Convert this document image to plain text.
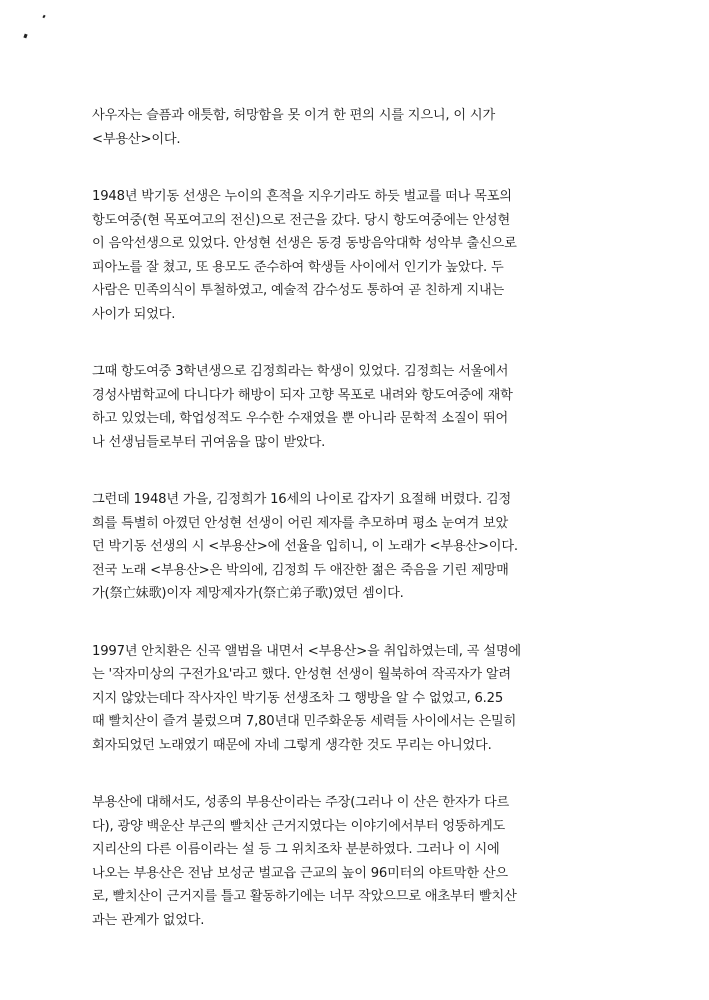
사우자는 슬픔과 애틋함, 허망함을 못 이겨 한 편의 시를 지으니, 이 시가
<부용산>이다.

1948년 박기동 선생은 누이의 흔적을 지우기라도 하듯 벌교를 떠나 목포의
항도여중(현 목포여고의 전신)으로 전근을 갔다. 당시 항도여중에는 안성현
이 음악선생으로 있었다. 안성현 선생은 동경 동방음악대학 성악부 출신으로
피아노를 잘 쳤고, 또 용모도 준수하여 학생들 사이에서 인기가 높았다. 두
사람은 민족의식이 투철하였고, 예술적 감수성도 통하여 곧 친하게 지내는
사이가 되었다.

그때 항도여중 3학년생으로 김정희라는 학생이 있었다. 김정희는 서울에서
경성사범학교에 다니다가 해방이 되자 고향 목포로 내려와 항도여중에 재학
하고 있었는데, 학업성적도 우수한 수재였을 뿐 아니라 문학적 소질이 뛰어
나 선생님들로부터 귀여움을 많이 받았다.

그런데 1948년 가을, 김정희가 16세의 나이로 갑자기 요절해 버렸다. 김정
희를 특별히 아꼈던 안성현 선생이 어린 제자를 추모하며 평소 눈여겨 보았
던 박기동 선생의 시 <부용산>에 선율을 입히니, 이 노래가 <부용산>이다.
전국 노래 <부용산>은 박의에, 김정희 두 애잔한 젊은 죽음을 기린 제망매
가(祭亡妹歌)이자 제망제자가(祭亡弟子歌)였던 셈이다.

1997년 안치환은 신곡 앨범을 내면서 <부용산>을 취입하였는데, 곡 설명에
는 '작자미상의 구전가요'라고 했다. 안성현 선생이 월북하여 작곡자가 알려
지지 않았는데다 작사자인 박기동 선생조차 그 행방을 알 수 없었고, 6.25
때 빨치산이 즐겨 불렀으며 7,80년대 민주화운동 세력들 사이에서는 은밀히
회자되었던 노래였기 때문에 자네 그렇게 생각한 것도 무리는 아니었다.

부용산에 대해서도, 성종의 부용산이라는 주장(그러나 이 산은 한자가 다르
다), 광양 백운산 부근의 빨치산 근거지였다는 이야기에서부터 엉뚱하게도
지리산의 다른 이름이라는 설 등 그 위치조차 분분하였다. 그러나 이 시에
나오는 부용산은 전남 보성군 벌교읍 근교의 높이 96미터의 야트막한 산으
로, 빨치산이 근거지를 틀고 활동하기에는 너무 작았으므로 애초부터 빨치산
과는 관계가 없었다.
